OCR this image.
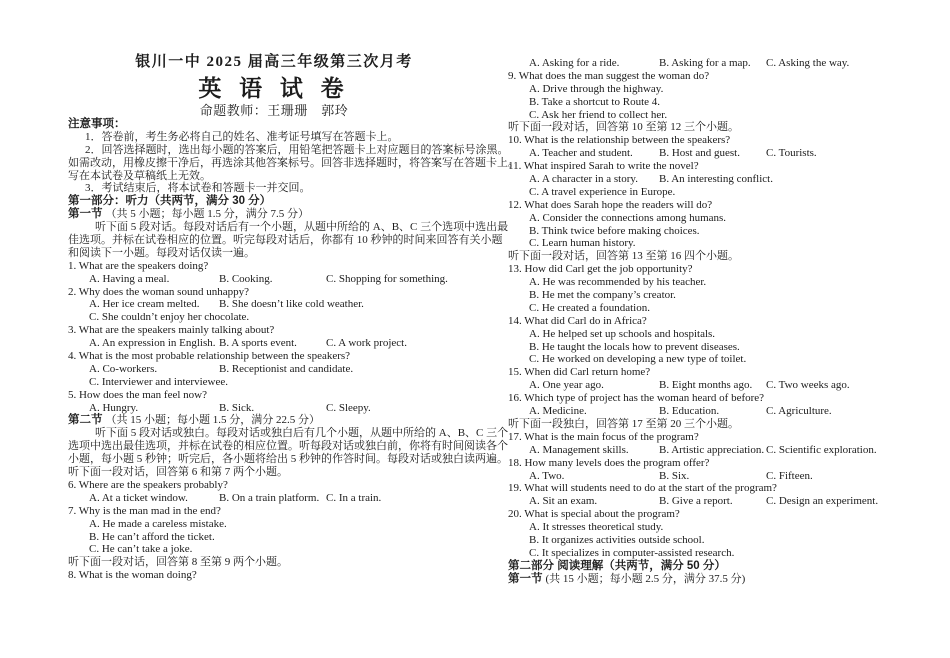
银川一中 2025 届高三年级第三次月考
英 语 试 卷
命题教师：王珊珊　郭玲
注意事项：
1．答卷前，考生务必将自己的姓名、准考证号填写在答题卡上。
2．回答选择题时，选出每小题的答案后，用铅笔把答题卡上对应题目的答案标号涂黑。
如需改动，用橡皮擦干净后，再选涂其他答案标号。回答非选择题时，将答案写在答题卡上。
写在本试卷及草稿纸上无效。
3．考试结束后，将本试卷和答题卡一并交回。
第一部分：听力（共两节，满分 30 分）
第一节 （共 5 小题；每小题 1.5 分，满分 7.5 分）
听下面 5 段对话。每段对话后有一个小题，从题中所给的 A、B、C 三个选项中选出最
佳选项。并标在试卷相应的位置。听完每段对话后，你都有 10 秒钟的时间来回答有关小题
和阅读下一小题。每段对话仅读一遍。
1. What are the speakers doing?
A. Having a meal.	B. Cooking.	C. Shopping for something.
2. Why does the woman sound unhappy?
A. Her ice cream melted. B. She doesn’t like cold weather.
C. She couldn’t enjoy her chocolate.
3. What are the speakers mainly talking about?
A. An expression in English. B. A sports event.	C. A work project.
4. What is the most probable relationship between the speakers?
A. Co-workers.	B. Receptionist and candidate.
C. Interviewer and interviewee.
5. How does the man feel now?
A. Hungry.	B. Sick.	C. Sleepy.
第二节 （共 15 小题；每小题 1.5 分，满分 22.5 分）
听下面 5 段对话或独白。每段对话或独白后有几个小题，从题中所给的 A、B、C 三个
选项中选出最佳选项，并标在试卷的相应位置。听每段对话或独白前，你将有时间阅读各个
小题，每小题 5 秒钟；听完后，各小题将给出 5 秒钟的作答时间。每段对话或独白读两遍。
听下面一段对话，回答第 6 和第 7 两个小题。
6. Where are the speakers probably?
A. At a ticket window.	B. On a train platform. C. In a train.
7. Why is the man mad in the end?
A. He made a careless mistake.
B. He can’t afford the ticket.
C. He can’t take a joke.
听下面一段对话，回答第 8 至第 9 两个小题。
8. What is the woman doing?
A. Asking for a ride.	B. Asking for a map. C. Asking the way.
9. What does the man suggest the woman do?
A. Drive through the highway.
B. Take a shortcut to Route 4.
C. Ask her friend to collect her.
听下面一段对话，回答第 10 至第 12 三个小题。
10. What is the relationship between the speakers?
A. Teacher and student. B. Host and guest. C. Tourists.
11. What inspired Sarah to write the novel?
A. A character in a story. B. An interesting conflict.
C. A travel experience in Europe.
12. What does Sarah hope the readers will do?
A. Consider the connections among humans.
B. Think twice before making choices.
C. Learn human history.
听下面一段对话，回答第 13 至第 16 四个小题。
13. How did Carl get the job opportunity?
A. He was recommended by his teacher.
B. He met the company’s creator.
C. He created a foundation.
14. What did Carl do in Africa?
A. He helped set up schools and hospitals.
B. He taught the locals how to prevent diseases.
C. He worked on developing a new type of toilet.
15. When did Carl return home?
A. One year ago.	B. Eight months ago. C. Two weeks ago.
16. Which type of project has the woman heard of before?
A. Medicine.	B. Education.	C. Agriculture.
听下面一段独白，回答第 17 至第 20 三个小题。
17. What is the main focus of the program?
A. Management skills.	B. Artistic appreciation. C. Scientific exploration.
18. How many levels does the program offer?
A. Two.	B. Six.	C. Fifteen.
19. What will students need to do at the start of the program?
A. Sit an exam.	B. Give a report.	C. Design an experiment.
20. What is special about the program?
A. It stresses theoretical study.
B. It organizes activities outside school.
C. It specializes in computer-assisted research.
第二部分 阅读理解（共两节，满分 50 分）
第一节 (共 15 小题；每小题 2.5 分，满分 37.5 分)
